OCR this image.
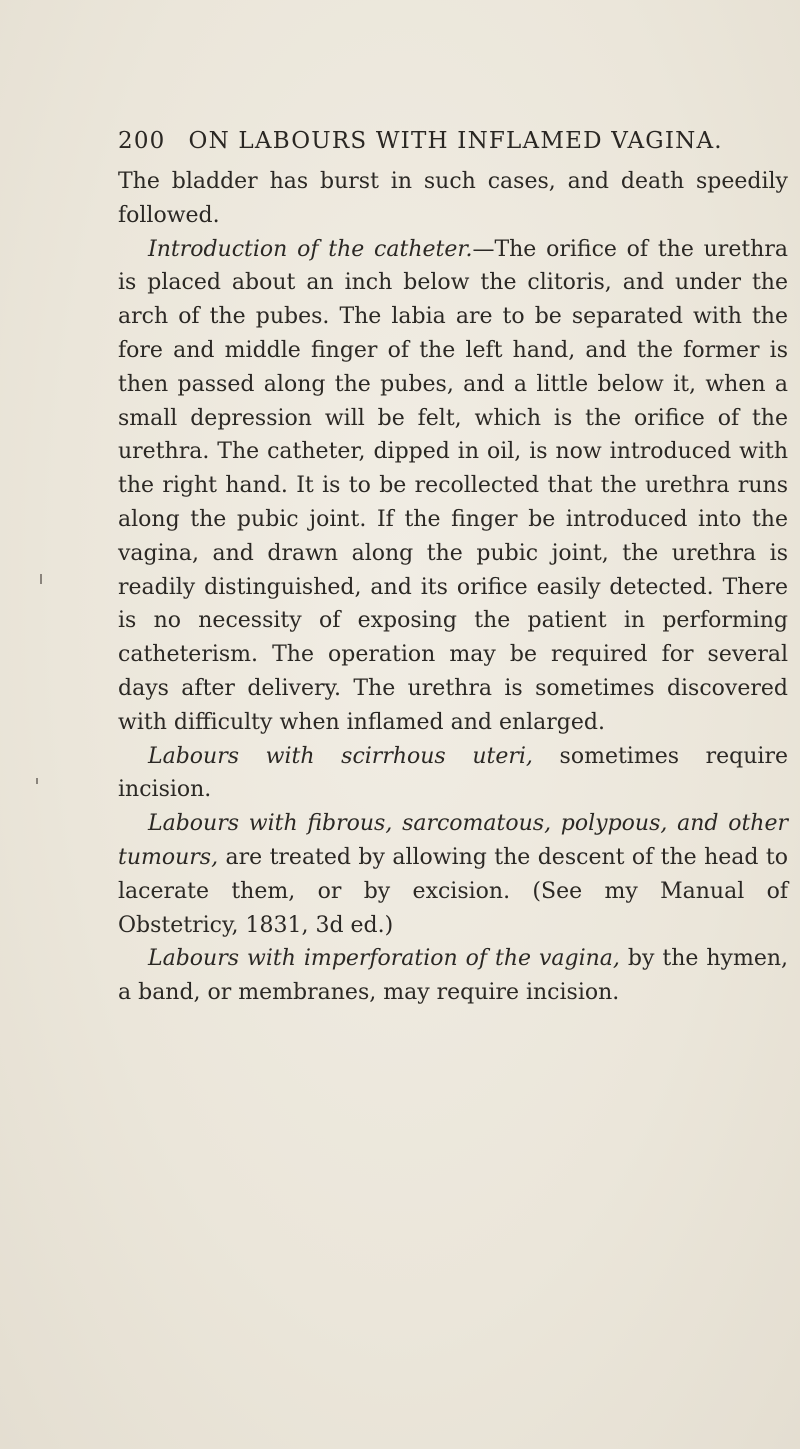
200 ON LABOURS WITH INFLAMED VAGINA.

The bladder has burst in such cases, and death speedily followed.

Introduction of the catheter.—The orifice of the urethra is placed about an inch below the clitoris, and under the arch of the pubes. The labia are to be separated with the fore and middle finger of the left hand, and the former is then passed along the pubes, and a little below it, when a small depression will be felt, which is the orifice of the urethra. The catheter, dipped in oil, is now introduced with the right hand. It is to be recollected that the urethra runs along the pubic joint. If the finger be introduced into the vagina, and drawn along the pubic joint, the urethra is readily distinguished, and its orifice easily detected. There is no necessity of exposing the patient in performing catheterism. The operation may be required for several days after delivery. The urethra is sometimes discovered with difficulty when inflamed and enlarged.

Labours with scirrhous uteri, sometimes require incision.

Labours with fibrous, sarcomatous, polypous, and other tumours, are treated by allowing the descent of the head to lacerate them, or by excision. (See my Manual of Obstetricy, 1831, 3d ed.)

Labours with imperforation of the vagina, by the hymen, a band, or membranes, may require incision.
